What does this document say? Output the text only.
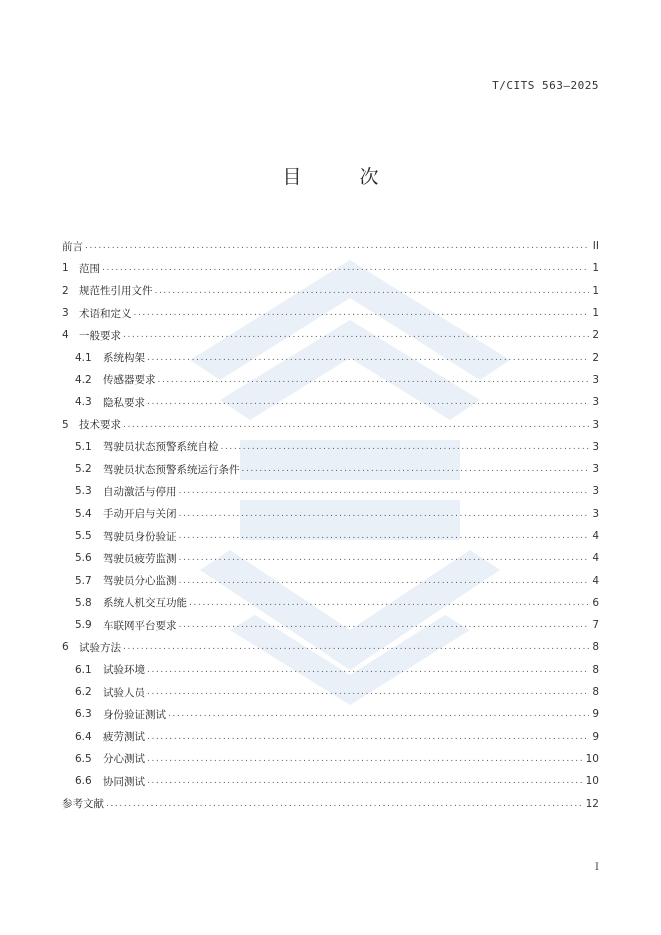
T/CITS 563—2025
目 次
前言 .....	II
1 范围 .....	1
2 规范性引用文件 .....	1
3 术语和定义 .....	1
4 一般要求 .....	2
4.1	系统构架 .....	2
4.2	传感器要求 .....	3
4.3	隐私要求 .....	3
5 技术要求 .....	3
5.1	驾驶员状态预警系统自检 .....	3
5.2	驾驶员状态预警系统运行条件 .....	3
5.3	自动激活与停用 .....	3
5.4	手动开启与关闭 .....	3
5.5	驾驶员身份验证 .....	4
5.6	驾驶员疲劳监测 .....	4
5.7	驾驶员分心监测 .....	4
5.8	系统人机交互功能 .....	6
5.9	车联网平台要求 .....	7
6 试验方法 .....	8
6.1	试验环境 .....	8
6.2	试验人员 .....	8
6.3	身份验证测试 .....	9
6.4	疲劳测试 .....	9
6.5	分心测试 .....	10
6.6	协同测试 .....	10
参考文献 .....	12
I
